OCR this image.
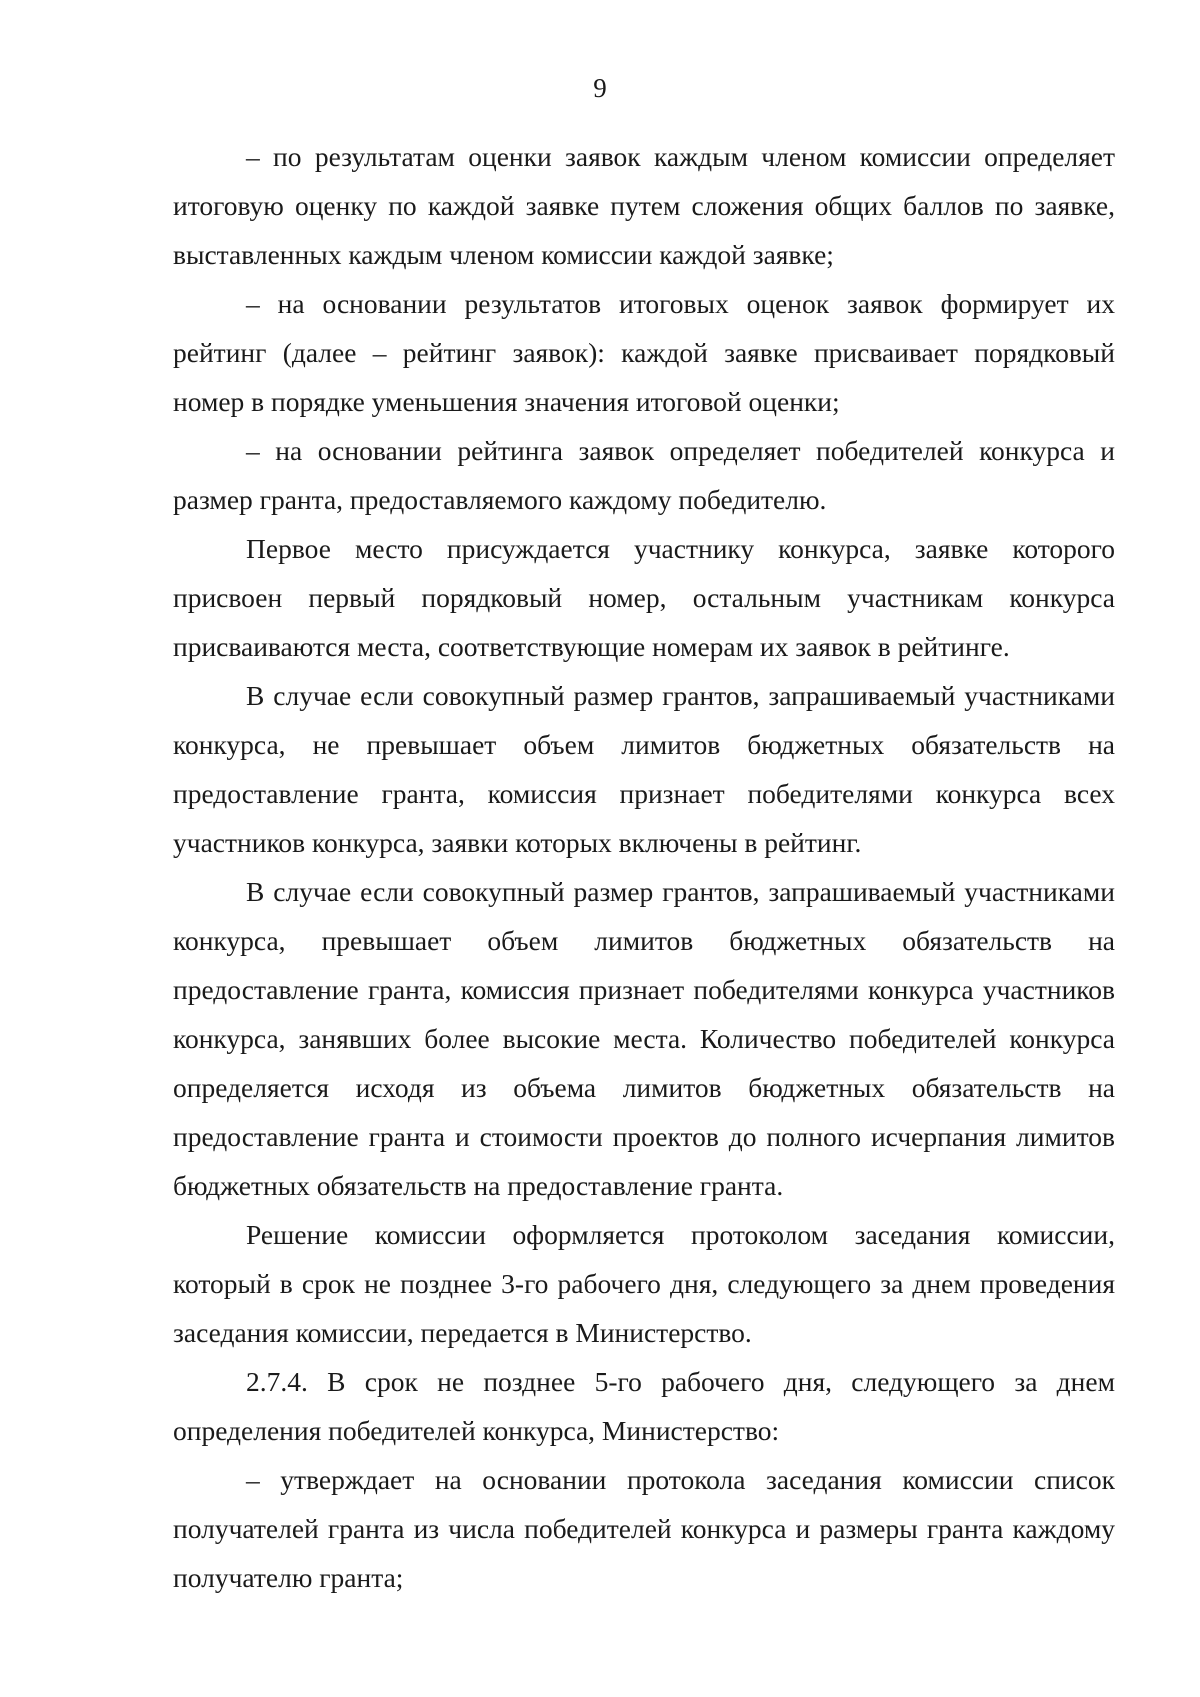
9

– по результатам оценки заявок каждым членом комиссии определяет итоговую оценку по каждой заявке путем сложения общих баллов по заявке, выставленных каждым членом комиссии каждой заявке;

– на основании результатов итоговых оценок заявок формирует их рейтинг (далее – рейтинг заявок): каждой заявке присваивает порядковый номер в порядке уменьшения значения итоговой оценки;

– на основании рейтинга заявок определяет победителей конкурса и размер гранта, предоставляемого каждому победителю.

Первое место присуждается участнику конкурса, заявке которого присвоен первый порядковый номер, остальным участникам конкурса присваиваются места, соответствующие номерам их заявок в рейтинге.

В случае если совокупный размер грантов, запрашиваемый участниками конкурса, не превышает объем лимитов бюджетных обязательств на предоставление гранта, комиссия признает победителями конкурса всех участников конкурса, заявки которых включены в рейтинг.

В случае если совокупный размер грантов, запрашиваемый участниками конкурса, превышает объем лимитов бюджетных обязательств на предоставление гранта, комиссия признает победителями конкурса участников конкурса, занявших более высокие места. Количество победителей конкурса определяется исходя из объема лимитов бюджетных обязательств на предоставление гранта и стоимости проектов до полного исчерпания лимитов бюджетных обязательств на предоставление гранта.

Решение комиссии оформляется протоколом заседания комиссии, который в срок не позднее 3-го рабочего дня, следующего за днем проведения заседания комиссии, передается в Министерство.

2.7.4. В срок не позднее 5-го рабочего дня, следующего за днем определения победителей конкурса, Министерство:

– утверждает на основании протокола заседания комиссии список получателей гранта из числа победителей конкурса и размеры гранта каждому получателю гранта;
